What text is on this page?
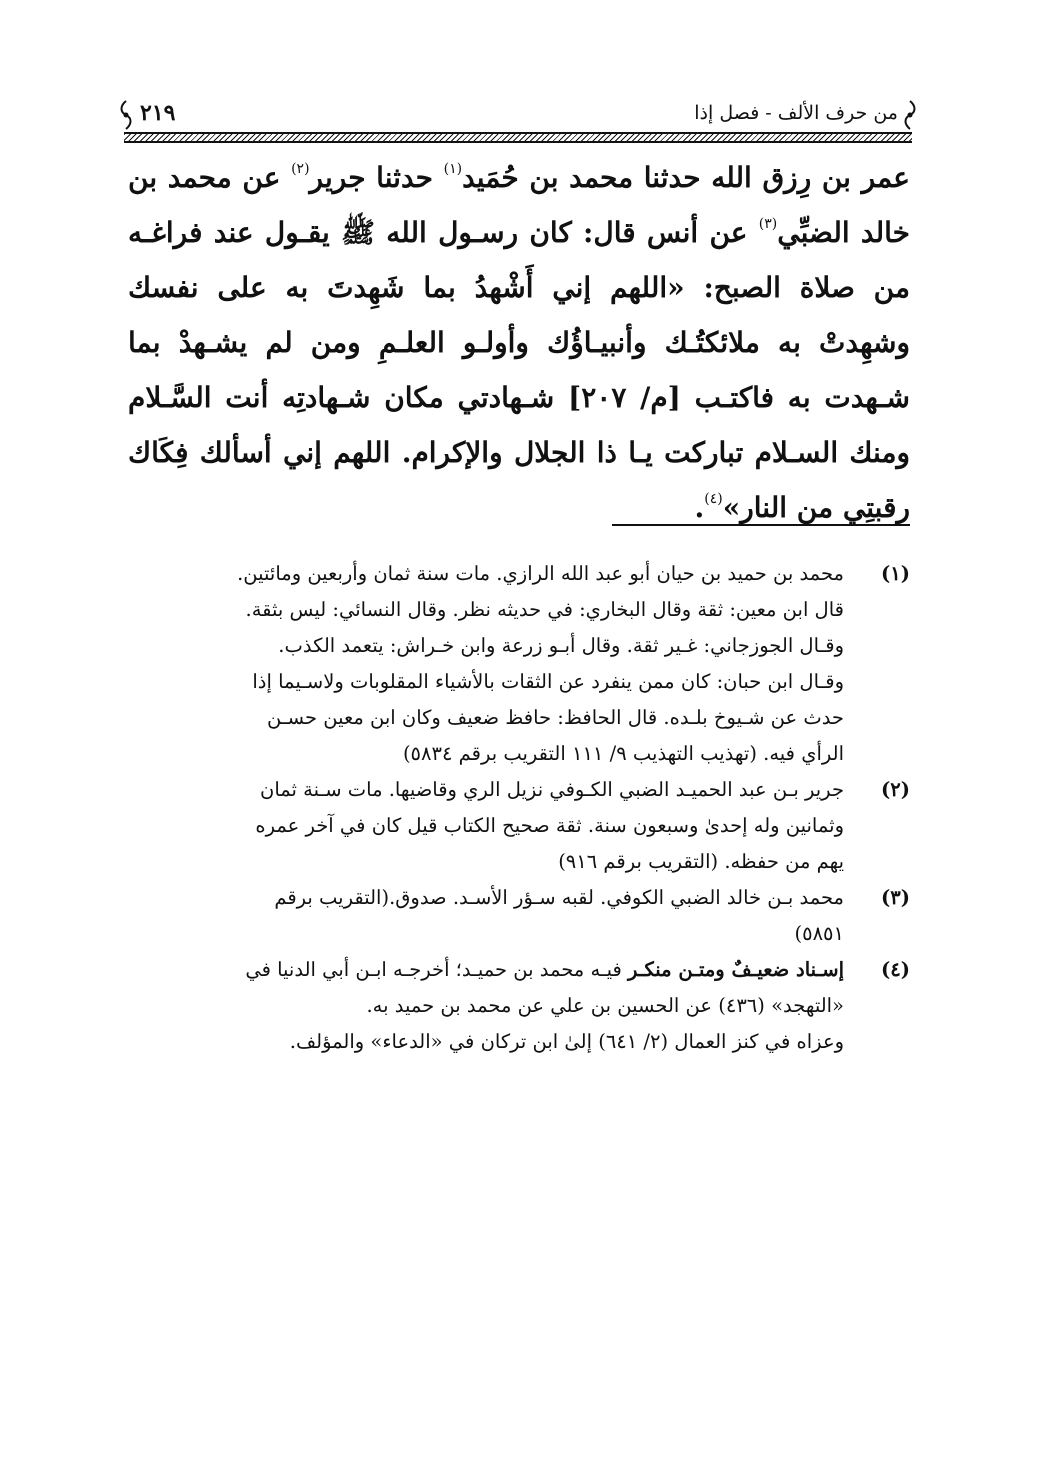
من حرف الألف - فصل إذا
٢١٩

عمر بن رِزق الله حدثنا محمد بن حُمَيد$^{(١)}$ حدثنا جرير$^{(٢)}$ عن محمد بن خالد الضبِّي$^{(٣)}$ عن أنس قال: كان رسـول الله ﷺ يقـول عند فراغـه من صلاة الصبح: «اللهم إني أَشْهدُ بما شَهِدتَ به على نفسك وشهِدتْ به ملائكتُـك وأنبيـاؤُك وأولـو العلـمِ ومن لم يشـهدْ بما شـهدت به فاكتـب [م/ ٢٠٧] شـهادتي مكان شـهادتِه أنت السَّـلام ومنك السـلام تباركت يـا ذا الجلال والإكرام. اللهم إني أسألك فِكَاك رقبتِي من النار»$^{(٤)}$.

(١)
محمد بن حميد بن حيان أبو عبد الله الرازي. مات سنة ثمان وأربعين ومائتين.
قال ابن معين: ثقة وقال البخاري: في حديثه نظر. وقال النسائي: ليس بثقة.
وقـال الجوزجاني: غـير ثقة. وقال أبـو زرعة وابن خـراش: يتعمد الكذب.
وقـال ابن حبان: كان ممن ينفرد عن الثقات بالأشياء المقلوبات ولاسـيما إذا
حدث عن شـيوخ بلـده. قال الحافظ: حافظ ضعيف وكان ابن معين حسـن
الرأي فيه. (تهذيب التهذيب ٩/ ١١١ التقريب برقم ٥٨٣٤)
(٢)
جرير بـن عبد الحميـد الضبي الكـوفي نزيل الري وقاضيها. مات سـنة ثمان
وثمانين وله إحدىٰ وسبعون سنة. ثقة صحيح الكتاب قيل كان في آخر عمره
يهم من حفظه. (التقريب برقم ٩١٦)
(٣)
محمد بـن خالد الضبي الكوفي. لقبه سـؤر الأسـد. صدوق.(التقريب برقم
٥٨٥١)
(٤)
إسـناد ضعيـفٌ ومتـن منكـر فيـه محمد بن حميـد؛ أخرجـه ابـن أبي الدنيا في
«التهجد» (٤٣٦) عن الحسين بن علي عن محمد بن حميد به.
وعزاه في كنز العمال (٢/ ٦٤١) إلىٰ ابن تركان في «الدعاء» والمؤلف.
